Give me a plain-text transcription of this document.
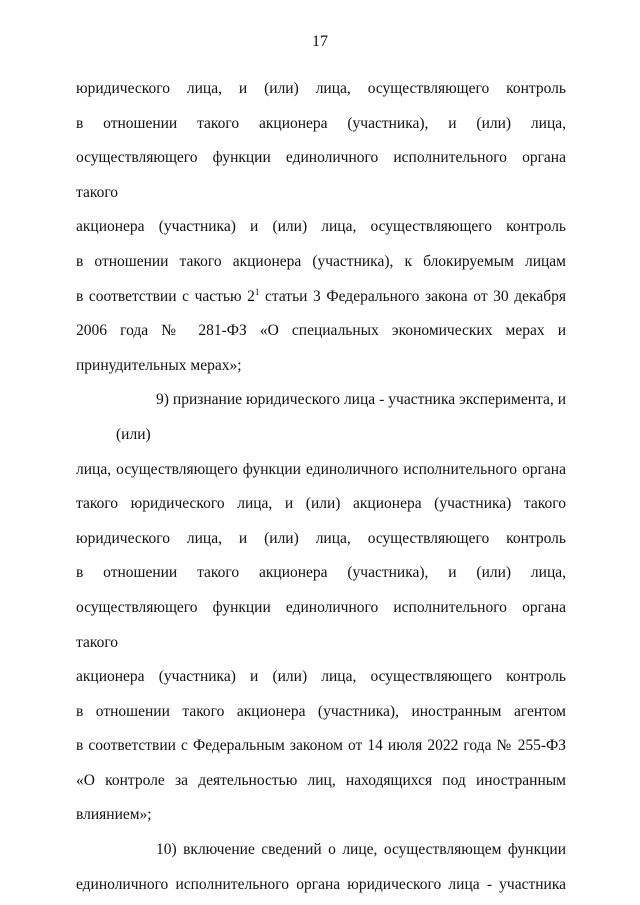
17
юридического лица, и (или) лица, осуществляющего контроль
в отношении такого акционера (участника), и (или) лица,
осуществляющего функции единоличного исполнительного органа такого
акционера (участника) и (или) лица, осуществляющего контроль
в отношении такого акционера (участника), к блокируемым лицам
в соответствии с частью $2^1$ статьи 3 Федерального закона от 30 декабря
2006 года № 281-ФЗ «О специальных экономических мерах и
принудительных мерах»;
9) признание юридического лица - участника эксперимента, и (или)
лица, осуществляющего функции единоличного исполнительного органа
такого юридического лица, и (или) акционера (участника) такого
юридического лица, и (или) лица, осуществляющего контроль
в отношении такого акционера (участника), и (или) лица,
осуществляющего функции единоличного исполнительного органа такого
акционера (участника) и (или) лица, осуществляющего контроль
в отношении такого акционера (участника), иностранным агентом
в соответствии с Федеральным законом от 14 июля 2022 года № 255-ФЗ
«О контроле за деятельностью лиц, находящихся под иностранным
влиянием»;
10) включение сведений о лице, осуществляющем функции
единоличного исполнительного органа юридического лица - участника
